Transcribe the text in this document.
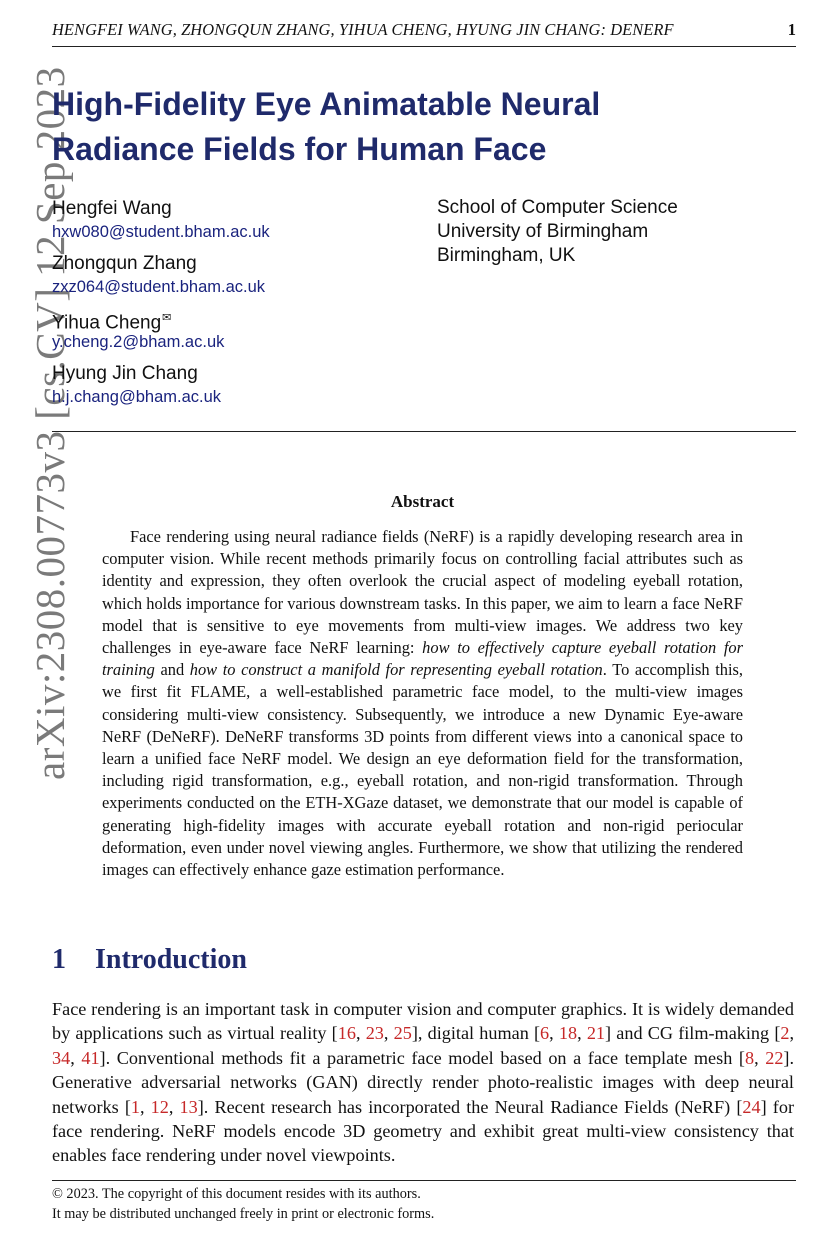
HENGFEI WANG, ZHONGQUN ZHANG, YIHUA CHENG, HYUNG JIN CHANG: DENERF	1
arXiv:2308.00773v3 [cs.CV] 12 Sep 2023
High-Fidelity Eye Animatable Neural Radiance Fields for Human Face
Hengfei Wang
hxw080@student.bham.ac.uk
Zhongqun Zhang
zxz064@student.bham.ac.uk
Yihua Cheng✉
y.cheng.2@bham.ac.uk
Hyung Jin Chang
h.j.chang@bham.ac.uk
School of Computer Science
University of Birmingham
Birmingham, UK
Abstract

Face rendering using neural radiance fields (NeRF) is a rapidly developing research area in computer vision. While recent methods primarily focus on controlling facial attributes such as identity and expression, they often overlook the crucial aspect of modeling eyeball rotation, which holds importance for various downstream tasks. In this paper, we aim to learn a face NeRF model that is sensitive to eye movements from multi-view images. We address two key challenges in eye-aware face NeRF learning: how to effectively capture eyeball rotation for training and how to construct a manifold for representing eyeball rotation. To accomplish this, we first fit FLAME, a well-established parametric face model, to the multi-view images considering multi-view consistency. Subsequently, we introduce a new Dynamic Eye-aware NeRF (DeNeRF). DeNeRF transforms 3D points from different views into a canonical space to learn a unified face NeRF model. We design an eye deformation field for the transformation, including rigid transformation, e.g., eyeball rotation, and non-rigid transformation. Through experiments conducted on the ETH-XGaze dataset, we demonstrate that our model is capable of generating high-fidelity images with accurate eyeball rotation and non-rigid periocular deformation, even under novel viewing angles. Furthermore, we show that utilizing the rendered images can effectively enhance gaze estimation performance.

1 Introduction

Face rendering is an important task in computer vision and computer graphics. It is widely demanded by applications such as virtual reality [16, 23, 25], digital human [6, 18, 21] and CG film-making [2, 34, 41]. Conventional methods fit a parametric face model based on a face template mesh [8, 22]. Generative adversarial networks (GAN) directly render photo-realistic images with deep neural networks [1, 12, 13]. Recent research has incorporated the Neural Radiance Fields (NeRF) [24] for face rendering. NeRF models encode 3D geometry and exhibit great multi-view consistency that enables face rendering under novel viewpoints.

© 2023. The copyright of this document resides with its authors.
It may be distributed unchanged freely in print or electronic forms.
